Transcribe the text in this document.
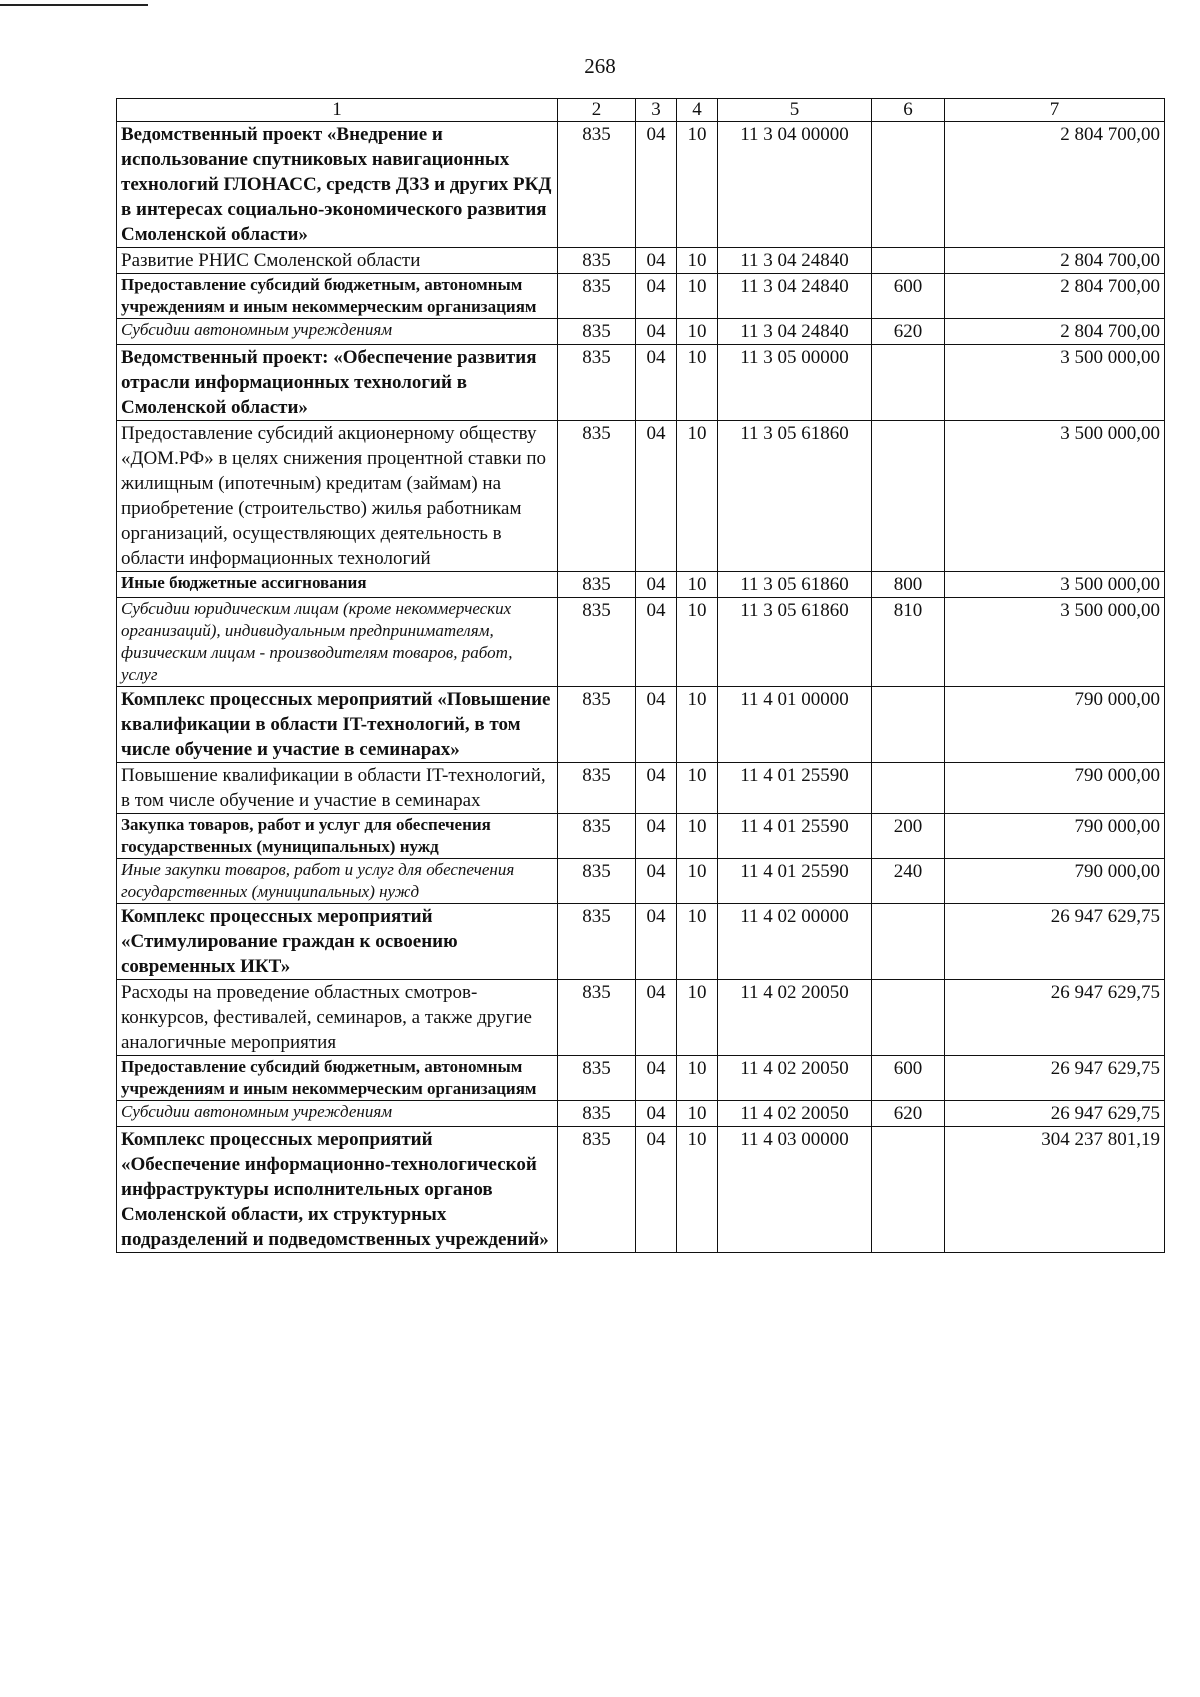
268
1	2	3	4	5	6	7
Ведомственный проект «Внедрение и использование спутниковых навигационных технологий ГЛОНАСС, средств ДЗЗ и других РКД в интересах социально-экономического развития Смоленской области»	835	04	10	11 3 04 00000		2 804 700,00
Развитие РНИС Смоленской области	835	04	10	11 3 04 24840		2 804 700,00
Предоставление субсидий бюджетным, автономным учреждениям и иным некоммерческим организациям	835	04	10	11 3 04 24840	600	2 804 700,00
Субсидии автономным учреждениям	835	04	10	11 3 04 24840	620	2 804 700,00
Ведомственный проект: «Обеспечение развития отрасли информационных технологий в Смоленской области»	835	04	10	11 3 05 00000		3 500 000,00
Предоставление субсидий акционерному обществу «ДОМ.РФ» в целях снижения процентной ставки по жилищным (ипотечным) кредитам (займам) на приобретение (строительство) жилья работникам организаций, осуществляющих деятельность в области информационных технологий	835	04	10	11 3 05 61860		3 500 000,00
Иные бюджетные ассигнования	835	04	10	11 3 05 61860	800	3 500 000,00
Субсидии юридическим лицам (кроме некоммерческих организаций), индивидуальным предпринимателям, физическим лицам - производителям товаров, работ, услуг	835	04	10	11 3 05 61860	810	3 500 000,00
Комплекс процессных мероприятий «Повышение квалификации в области IT-технологий, в том числе обучение и участие в семинарах»	835	04	10	11 4 01 00000		790 000,00
Повышение квалификации в области IT-технологий, в том числе обучение и участие в семинарах	835	04	10	11 4 01 25590		790 000,00
Закупка товаров, работ и услуг для обеспечения государственных (муниципальных) нужд	835	04	10	11 4 01 25590	200	790 000,00
Иные закупки товаров, работ и услуг для обеспечения государственных (муниципальных) нужд	835	04	10	11 4 01 25590	240	790 000,00
Комплекс процессных мероприятий «Стимулирование граждан к освоению современных ИКТ»	835	04	10	11 4 02 00000		26 947 629,75
Расходы на проведение областных смотров-конкурсов, фестивалей, семинаров, а также другие аналогичные мероприятия	835	04	10	11 4 02 20050		26 947 629,75
Предоставление субсидий бюджетным, автономным учреждениям и иным некоммерческим организациям	835	04	10	11 4 02 20050	600	26 947 629,75
Субсидии автономным учреждениям	835	04	10	11 4 02 20050	620	26 947 629,75
Комплекс процессных мероприятий «Обеспечение информационно-технологической инфраструктуры исполнительных органов Смоленской области, их структурных подразделений и подведомственных учреждений»	835	04	10	11 4 03 00000		304 237 801,19
